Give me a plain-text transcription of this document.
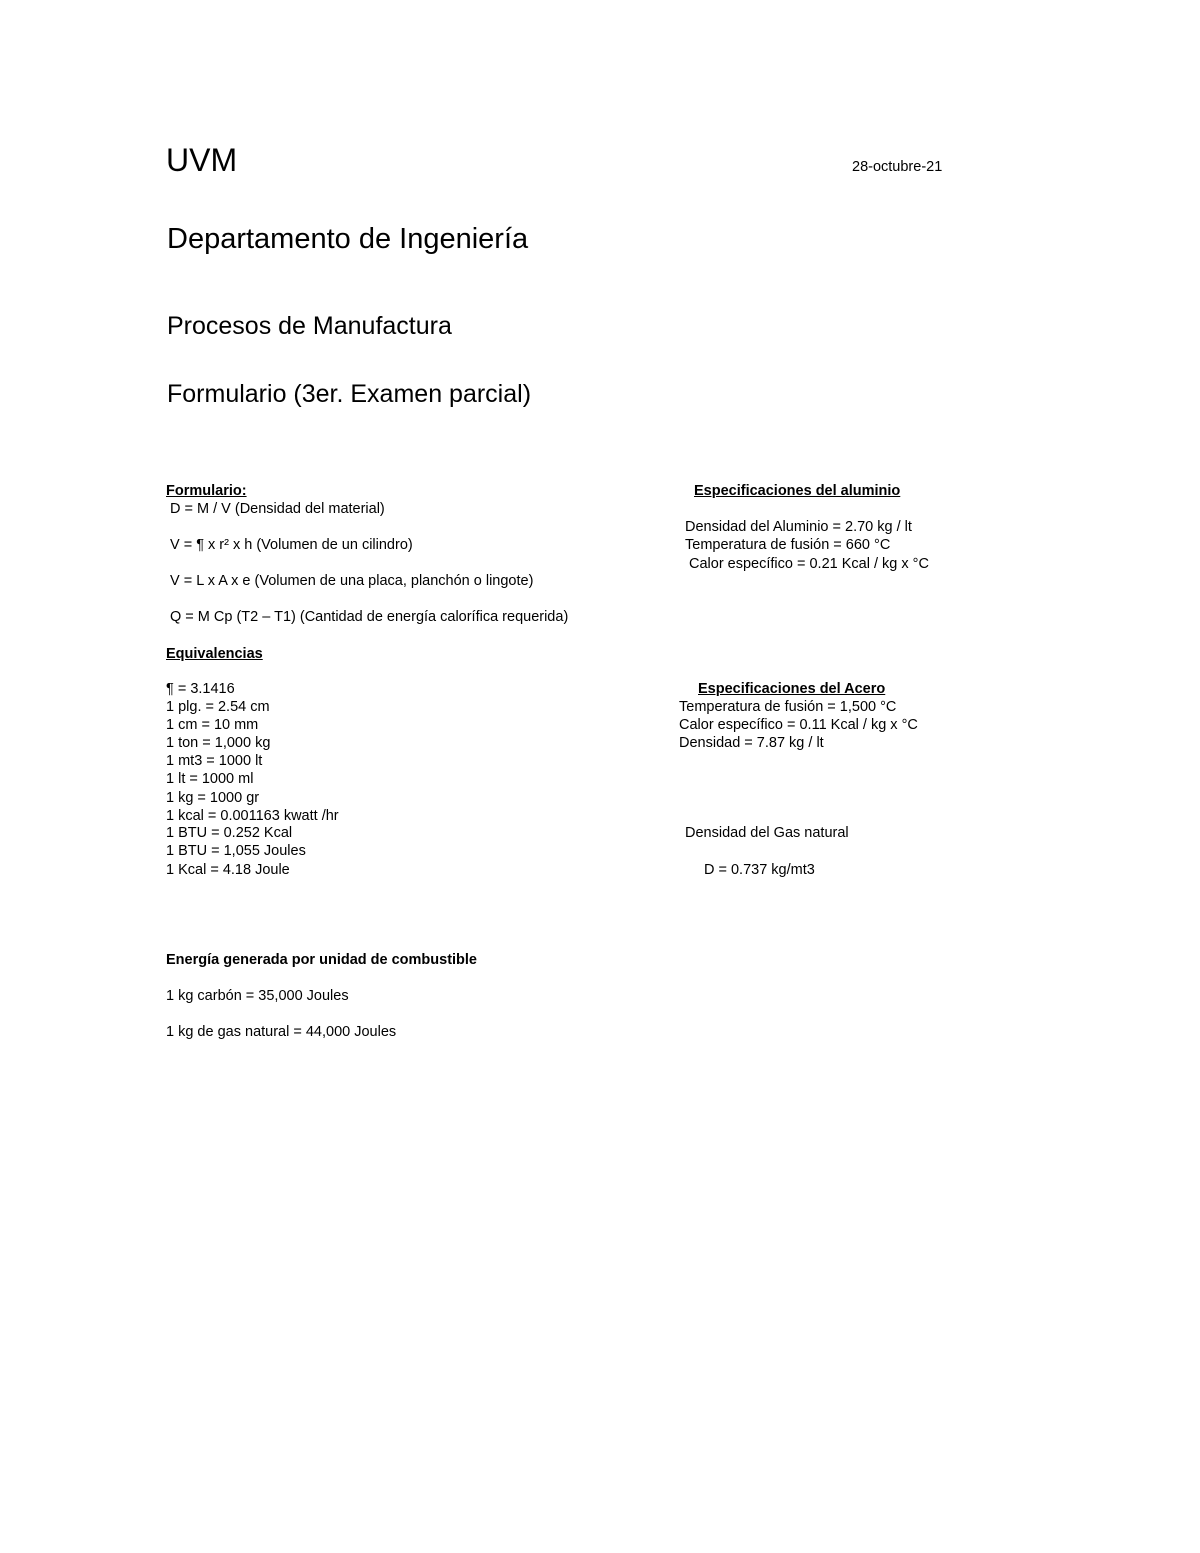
UVM	28-octubre-21
Departamento de Ingeniería
Procesos de Manufactura
Formulario (3er. Examen parcial)
Formulario:
D = M / V (Densidad del material)
V = ¶ x r² x h (Volumen de un cilindro)
V = L x A x e (Volumen de una placa, planchón o lingote)
Q = M Cp (T2 – T1) (Cantidad de energía calorífica requerida)
Equivalencias
¶ = 3.1416
1 plg. = 2.54 cm
1 cm = 10 mm
1 ton = 1,000 kg
1 mt3 = 1000 lt
1 lt = 1000 ml
1 kg = 1000 gr
1 kcal = 0.001163 kwatt /hr
1 BTU = 0.252 Kcal
1 BTU = 1,055 Joules
1 Kcal = 4.18 Joule
Especificaciones del aluminio
Densidad del Aluminio = 2.70 kg / lt
Temperatura de fusión = 660 °C
Calor específico = 0.21 Kcal / kg x °C
Especificaciones del Acero
Temperatura de fusión = 1,500 °C
Calor específico = 0.11 Kcal / kg x °C
Densidad = 7.87 kg / lt
Densidad del Gas natural
D = 0.737 kg/mt3
Energía generada por unidad de combustible
1 kg carbón = 35,000 Joules
1 kg de gas natural = 44,000 Joules
